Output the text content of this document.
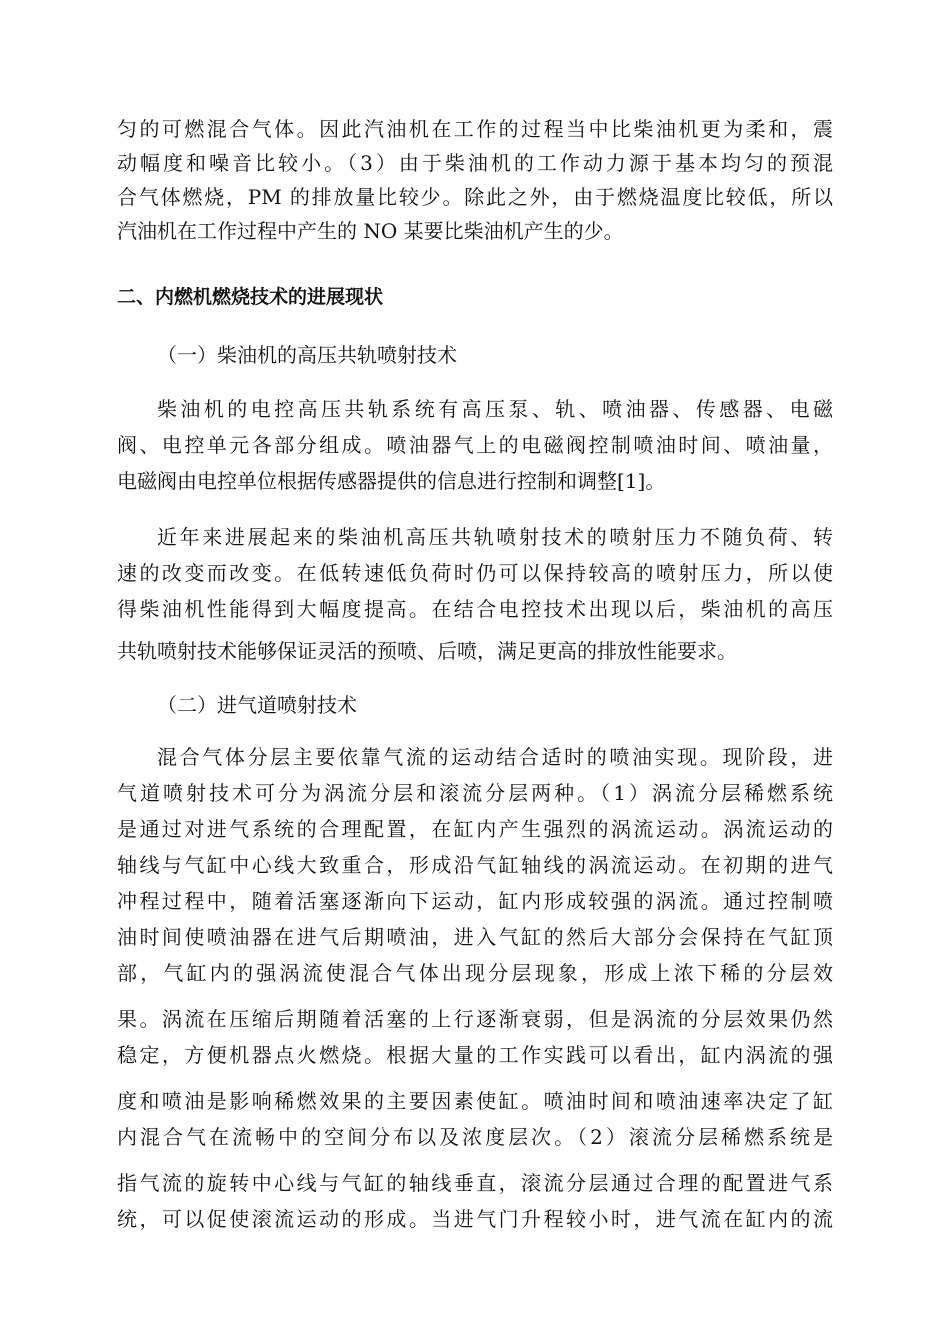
匀的可燃混合气体。因此汽油机在工作的过程当中比柴油机更为柔和，震
动幅度和噪音比较小。（3）由于柴油机的工作动力源于基本均匀的预混
合气体燃烧，PM 的排放量比较少。除此之外，由于燃烧温度比较低，所以
汽油机在工作过程中产生的 NO 某要比柴油机产生的少。
二、内燃机燃烧技术的进展现状
（一）柴油机的高压共轨喷射技术
柴油机的电控高压共轨系统有高压泵、轨、喷油器、传感器、电磁
阀、电控单元各部分组成。喷油器气上的电磁阀控制喷油时间、喷油量，
电磁阀由电控单位根据传感器提供的信息进行控制和调整[1]。
近年来进展起来的柴油机高压共轨喷射技术的喷射压力不随负荷、转
速的改变而改变。在低转速低负荷时仍可以保持较高的喷射压力，所以使
得柴油机性能得到大幅度提高。在结合电控技术出现以后，柴油机的高压
共轨喷射技术能够保证灵活的预喷、后喷，满足更高的排放性能要求。
（二）进气道喷射技术
混合气体分层主要依靠气流的运动结合适时的喷油实现。现阶段，进
气道喷射技术可分为涡流分层和滚流分层两种。（1）涡流分层稀燃系统
是通过对进气系统的合理配置，在缸内产生强烈的涡流运动。涡流运动的
轴线与气缸中心线大致重合，形成沿气缸轴线的涡流运动。在初期的进气
冲程过程中，随着活塞逐渐向下运动，缸内形成较强的涡流。通过控制喷
油时间使喷油器在进气后期喷油，进入气缸的然后大部分会保持在气缸顶
部，气缸内的强涡流使混合气体出现分层现象，形成上浓下稀的分层效
果。涡流在压缩后期随着活塞的上行逐渐衰弱，但是涡流的分层效果仍然
稳定，方便机器点火燃烧。根据大量的工作实践可以看出，缸内涡流的强
度和喷油是影响稀燃效果的主要因素使缸。喷油时间和喷油速率决定了缸
内混合气在流畅中的空间分布以及浓度层次。（2）滚流分层稀燃系统是
指气流的旋转中心线与气缸的轴线垂直，滚流分层通过合理的配置进气系
统，可以促使滚流运动的形成。当进气门升程较小时，进气流在缸内的流
